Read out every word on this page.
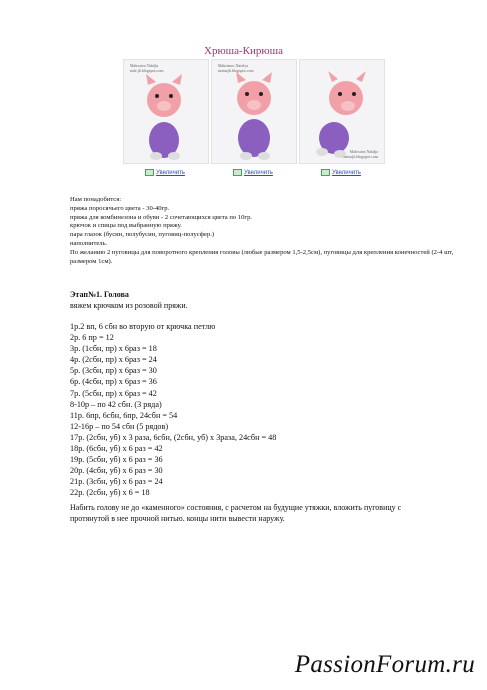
Хрюша-Кирюша
Makvaiea Nalalja
nalz.jb.blogspot.com
Увеличить
Maksimos Natalya
matuzjh.blogspot.com
Увеличить
Makvaiea Nalalja
natuzjh.blogspot.com
Увеличить

Нам понадобится:

пряжа поросячьего цвета - 30-40гр.

пряжа для комбинезона и обуви - 2 сочетающихся цвета по 10гр.

крючок и спицы под выбранную пряжу.

пара глазок (бусин, полубусин, пуговиц-полусфер.)

наполнитель.

По желанию 2 пуговицы для поворотного крепления головы (любые размером 1,5-2,5см), пуговицы для крепления конечностей (2-4 шт, размером 1см).

Этап№1. Голова
вяжем крючком из розовой пряжи.

1р.2 вп, 6 сбн во вторую от крючка петлю

2р. 6 пр = 12

3р. (1сбн, пр) х 6раз = 18

4р. (2сбн, пр) х 6раз = 24

5р. (3сбн, пр) х 6раз = 30

6р. (4сбн, пр) х 6раз = 36

7р. (5сбн, пр) х 6раз = 42

8-10р – по 42 сбн. (3 ряда)

11р. 6пр, 6сбн, 6пр, 24сбн = 54

12-16р – по 54 сбн (5 рядов)

17р. (2сбн, уб) х 3 раза, 6сбн, (2сбн, уб) х 3раза, 24сбн = 48

18р. (6сбн, уб) х 6 раз = 42

19р. (5сбн, уб) х 6 раз = 36

20р. (4сбн, уб) х 6 раз = 30

21р. (3сбн, уб) х 6 раз = 24

22р. (2сбн, уб) х 6 = 18

Набить голову не до «каменного» состояния, с расчетом на будущие утяжки, вложить пуговицу с протянутой в нее прочной нитью. концы нити вывести наружу.
PassionForum.ru
